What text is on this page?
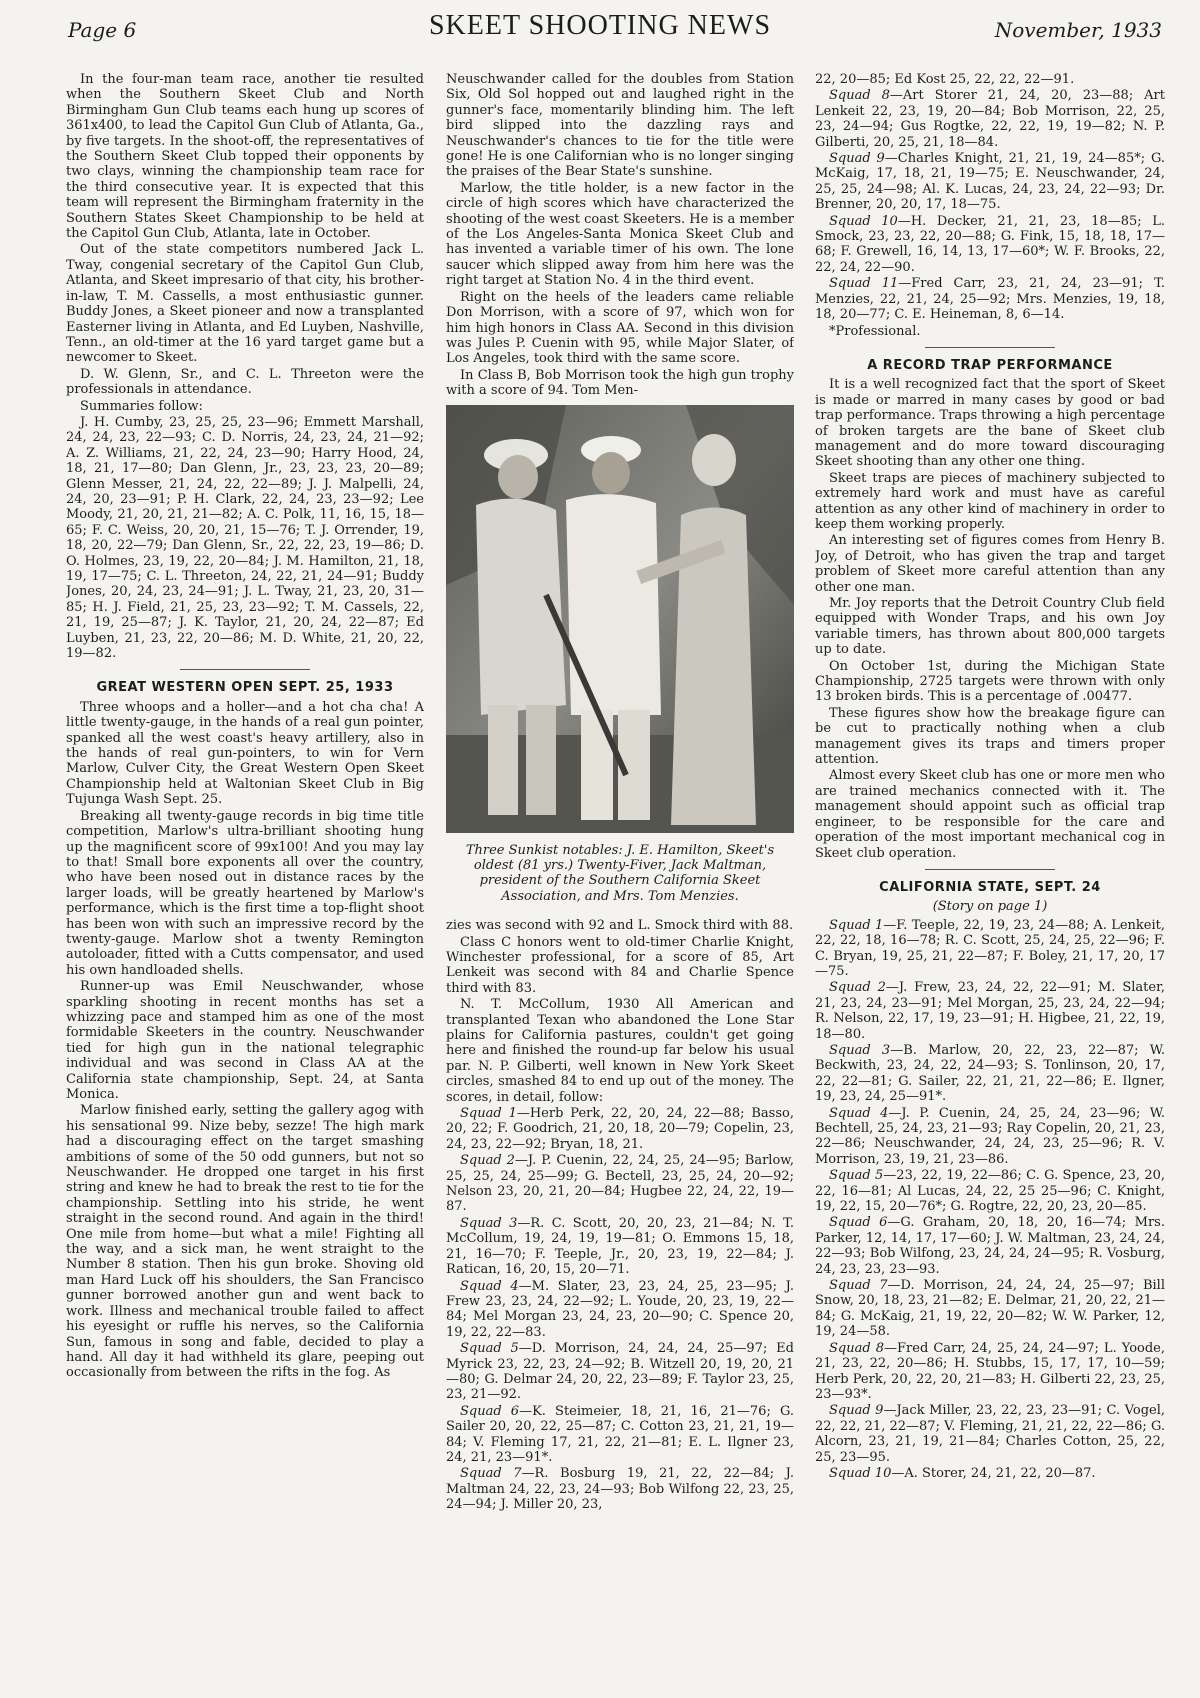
Page 6	SKEET SHOOTING NEWS	November, 1933

In the four-man team race, another tie resulted when the Southern Skeet Club and North Birmingham Gun Club teams each hung up scores of 361x400, to lead the Capitol Gun Club of Atlanta, Ga., by five targets. In the shoot-off, the representatives of the Southern Skeet Club topped their opponents by two clays, winning the championship team race for the third consecutive year. It is expected that this team will represent the Birmingham fraternity in the Southern States Skeet Championship to be held at the Capitol Gun Club, Atlanta, late in October.

Out of the state competitors numbered Jack L. Tway, congenial secretary of the Capitol Gun Club, Atlanta, and Skeet impresario of that city, his brother-in-law, T. M. Cassells, a most enthusiastic gunner. Buddy Jones, a Skeet pioneer and now a transplanted Easterner living in Atlanta, and Ed Luyben, Nashville, Tenn., an old-timer at the 16 yard target game but a newcomer to Skeet.

D. W. Glenn, Sr., and C. L. Threeton were the professionals in attendance.

Summaries follow:

J. H. Cumby, 23, 25, 25, 23—96; Emmett Marshall, 24, 24, 23, 22—93; C. D. Norris, 24, 23, 24, 21—92; A. Z. Williams, 21, 22, 24, 23—90; Harry Hood, 24, 18, 21, 17—80; Dan Glenn, Jr., 23, 23, 23, 20—89; Glenn Messer, 21, 24, 22, 22—89; J. J. Malpelli, 24, 24, 20, 23—91; P. H. Clark, 22, 24, 23, 23—92; Lee Moody, 21, 20, 21, 21—82; A. C. Polk, 11, 16, 15, 18—65; F. C. Weiss, 20, 20, 21, 15—76; T. J. Orrender, 19, 18, 20, 22—79; Dan Glenn, Sr., 22, 22, 23, 19—86; D. O. Holmes, 23, 19, 22, 20—84; J. M. Hamilton, 21, 18, 19, 17—75; C. L. Threeton, 24, 22, 21, 24—91; Buddy Jones, 20, 24, 23, 24—91; J. L. Tway, 21, 23, 20, 31—85; H. J. Field, 21, 25, 23, 23—92; T. M. Cassels, 22, 21, 19, 25—87; J. K. Taylor, 21, 20, 24, 22—87; Ed Luyben, 21, 23, 22, 20—86; M. D. White, 21, 20, 22, 19—82.

GREAT WESTERN OPEN SEPT. 25, 1933

Three whoops and a holler—and a hot cha cha! A little twenty-gauge, in the hands of a real gun pointer, spanked all the west coast's heavy artillery, also in the hands of real gun-pointers, to win for Vern Marlow, Culver City, the Great Western Open Skeet Championship held at Waltonian Skeet Club in Big Tujunga Wash Sept. 25.

Breaking all twenty-gauge records in big time title competition, Marlow's ultra-brilliant shooting hung up the magnificent score of 99x100! And you may lay to that! Small bore exponents all over the country, who have been nosed out in distance races by the larger loads, will be greatly heartened by Marlow's performance, which is the first time a top-flight shoot has been won with such an impressive record by the twenty-gauge. Marlow shot a twenty Remington autoloader, fitted with a Cutts compensator, and used his own handloaded shells.

Runner-up was Emil Neuschwander, whose sparkling shooting in recent months has set a whizzing pace and stamped him as one of the most formidable Skeeters in the country. Neuschwander tied for high gun in the national telegraphic individual and was second in Class AA at the California state championship, Sept. 24, at Santa Monica.

Marlow finished early, setting the gallery agog with his sensational 99. Nize beby, sezze! The high mark had a discouraging effect on the target smashing ambitions of some of the 50 odd gunners, but not so Neuschwander. He dropped one target in his first string and knew he had to break the rest to tie for the championship. Settling into his stride, he went straight in the second round. And again in the third! One mile from home—but what a mile! Fighting all the way, and a sick man, he went straight to the Number 8 station. Then his gun broke. Shoving old man Hard Luck off his shoulders, the San Francisco gunner borrowed another gun and went back to work. Illness and mechanical trouble failed to affect his eyesight or ruffle his nerves, so the California Sun, famous in song and fable, decided to play a hand. All day it had withheld its glare, peeping out occasionally from between the rifts in the fog. As

Neuschwander called for the doubles from Station Six, Old Sol hopped out and laughed right in the gunner's face, momentarily blinding him. The left bird slipped into the dazzling rays and Neuschwander's chances to tie for the title were gone! He is one Californian who is no longer singing the praises of the Bear State's sunshine.

Marlow, the title holder, is a new factor in the circle of high scores which have characterized the shooting of the west coast Skeeters. He is a member of the Los Angeles-Santa Monica Skeet Club and has invented a variable timer of his own. The lone saucer which slipped away from him here was the right target at Station No. 4 in the third event.

Right on the heels of the leaders came reliable Don Morrison, with a score of 97, which won for him high honors in Class AA. Second in this division was Jules P. Cuenin with 95, while Major Slater, of Los Angeles, took third with the same score.

In Class B, Bob Morrison took the high gun trophy with a score of 94. Tom Men-

Three Sunkist notables: J. E. Hamilton, Skeet's oldest (81 yrs.) Twenty-Fiver, Jack Maltman, president of the Southern California Skeet Association, and Mrs. Tom Menzies.

zies was second with 92 and L. Smock third with 88.

Class C honors went to old-timer Charlie Knight, Winchester professional, for a score of 85, Art Lenkeit was second with 84 and Charlie Spence third with 83.

N. T. McCollum, 1930 All American and transplanted Texan who abandoned the Lone Star plains for California pastures, couldn't get going here and finished the round-up far below his usual par. N. P. Gilberti, well known in New York Skeet circles, smashed 84 to end up out of the money. The scores, in detail, follow:

Squad 1—Herb Perk, 22, 20, 24, 22—88; Basso, 20, 22; F. Goodrich, 21, 20, 18, 20—79; Copelin, 23, 24, 23, 22—92; Bryan, 18, 21.

Squad 2—J. P. Cuenin, 22, 24, 25, 24—95; Barlow, 25, 25, 24, 25—99; G. Bectell, 23, 25, 24, 20—92; Nelson 23, 20, 21, 20—84; Hugbee 22, 24, 22, 19—87.

Squad 3—R. C. Scott, 20, 20, 23, 21—84; N. T. McCollum, 19, 24, 19, 19—81; O. Emmons 15, 18, 21, 16—70; F. Teeple, Jr., 20, 23, 19, 22—84; J. Ratican, 16, 20, 15, 20—71.

Squad 4—M. Slater, 23, 23, 24, 25, 23—95; J. Frew 23, 23, 24, 22—92; L. Youde, 20, 23, 19, 22—84; Mel Morgan 23, 24, 23, 20—90; C. Spence 20, 19, 22, 22—83.

Squad 5—D. Morrison, 24, 24, 24, 25—97; Ed Myrick 23, 22, 23, 24—92; B. Witzell 20, 19, 20, 21—80; G. Delmar 24, 20, 22, 23—89; F. Taylor 23, 25, 23, 21—92.

Squad 6—K. Steimeier, 18, 21, 16, 21—76; G. Sailer 20, 20, 22, 25—87; C. Cotton 23, 21, 21, 19—84; V. Fleming 17, 21, 22, 21—81; E. L. Ilgner 23, 24, 21, 23—91*.

Squad 7—R. Bosburg 19, 21, 22, 22—84; J. Maltman 24, 22, 23, 24—93; Bob Wilfong 22, 23, 25, 24—94; J. Miller 20, 23,

22, 20—85; Ed Kost 25, 22, 22, 22—91.

Squad 8—Art Storer 21, 24, 20, 23—88; Art Lenkeit 22, 23, 19, 20—84; Bob Morrison, 22, 25, 23, 24—94; Gus Rogtke, 22, 22, 19, 19—82; N. P. Gilberti, 20, 25, 21, 18—84.

Squad 9—Charles Knight, 21, 21, 19, 24—85*; G. McKaig, 17, 18, 21, 19—75; E. Neuschwander, 24, 25, 25, 24—98; Al. K. Lucas, 24, 23, 24, 22—93; Dr. Brenner, 20, 20, 17, 18—75.

Squad 10—H. Decker, 21, 21, 23, 18—85; L. Smock, 23, 23, 22, 20—88; G. Fink, 15, 18, 18, 17—68; F. Grewell, 16, 14, 13, 17—60*; W. F. Brooks, 22, 22, 24, 22—90.

Squad 11—Fred Carr, 23, 21, 24, 23—91; T. Menzies, 22, 21, 24, 25—92; Mrs. Menzies, 19, 18, 18, 20—77; C. E. Heineman, 8, 6—14.

*Professional.

A RECORD TRAP PERFORMANCE

It is a well recognized fact that the sport of Skeet is made or marred in many cases by good or bad trap performance. Traps throwing a high percentage of broken targets are the bane of Skeet club management and do more toward discouraging Skeet shooting than any other one thing.

Skeet traps are pieces of machinery subjected to extremely hard work and must have as careful attention as any other kind of machinery in order to keep them working properly.

An interesting set of figures comes from Henry B. Joy, of Detroit, who has given the trap and target problem of Skeet more careful attention than any other one man.

Mr. Joy reports that the Detroit Country Club field equipped with Wonder Traps, and his own Joy variable timers, has thrown about 800,000 targets up to date.

On October 1st, during the Michigan State Championship, 2725 targets were thrown with only 13 broken birds. This is a percentage of .00477.

These figures show how the breakage figure can be cut to practically nothing when a club management gives its traps and timers proper attention.

Almost every Skeet club has one or more men who are trained mechanics connected with it. The management should appoint such as official trap engineer, to be responsible for the care and operation of the most important mechanical cog in Skeet club operation.

CALIFORNIA STATE, SEPT. 24
(Story on page 1)

Squad 1—F. Teeple, 22, 19, 23, 24—88; A. Lenkeit, 22, 22, 18, 16—78; R. C. Scott, 25, 24, 25, 22—96; F. C. Bryan, 19, 25, 21, 22—87; F. Boley, 21, 17, 20, 17—75.

Squad 2—J. Frew, 23, 24, 22, 22—91; M. Slater, 21, 23, 24, 23—91; Mel Morgan, 25, 23, 24, 22—94; R. Nelson, 22, 17, 19, 23—91; H. Higbee, 21, 22, 19, 18—80.

Squad 3—B. Marlow, 20, 22, 23, 22—87; W. Beckwith, 23, 24, 22, 24—93; S. Tonlinson, 20, 17, 22, 22—81; G. Sailer, 22, 21, 21, 22—86; E. Ilgner, 19, 23, 24, 25—91*.

Squad 4—J. P. Cuenin, 24, 25, 24, 23—96; W. Bechtell, 25, 24, 23, 21—93; Ray Copelin, 20, 21, 23, 22—86; Neuschwander, 24, 24, 23, 25—96; R. V. Morrison, 23, 19, 21, 23—86.

Squad 5—23, 22, 19, 22—86; C. G. Spence, 23, 20, 22, 16—81; Al Lucas, 24, 22, 25 25—96; C. Knight, 19, 22, 15, 20—76*; G. Rogtre, 22, 20, 23, 20—85.

Squad 6—G. Graham, 20, 18, 20, 16—74; Mrs. Parker, 12, 14, 17, 17—60; J. W. Maltman, 23, 24, 24, 22—93; Bob Wilfong, 23, 24, 24, 24—95; R. Vosburg, 24, 23, 23, 23—93.

Squad 7—D. Morrison, 24, 24, 24, 25—97; Bill Snow, 20, 18, 23, 21—82; E. Delmar, 21, 20, 22, 21—84; G. McKaig, 21, 19, 22, 20—82; W. W. Parker, 12, 19, 24—58.

Squad 8—Fred Carr, 24, 25, 24, 24—97; L. Yoode, 21, 23, 22, 20—86; H. Stubbs, 15, 17, 17, 10—59; Herb Perk, 20, 22, 20, 21—83; H. Gilberti 22, 23, 25, 23—93*.

Squad 9—Jack Miller, 23, 22, 23, 23—91; C. Vogel, 22, 22, 21, 22—87; V. Fleming, 21, 21, 22, 22—86; G. Alcorn, 23, 21, 19, 21—84; Charles Cotton, 25, 22, 25, 23—95.

Squad 10—A. Storer, 24, 21, 22, 20—87.
